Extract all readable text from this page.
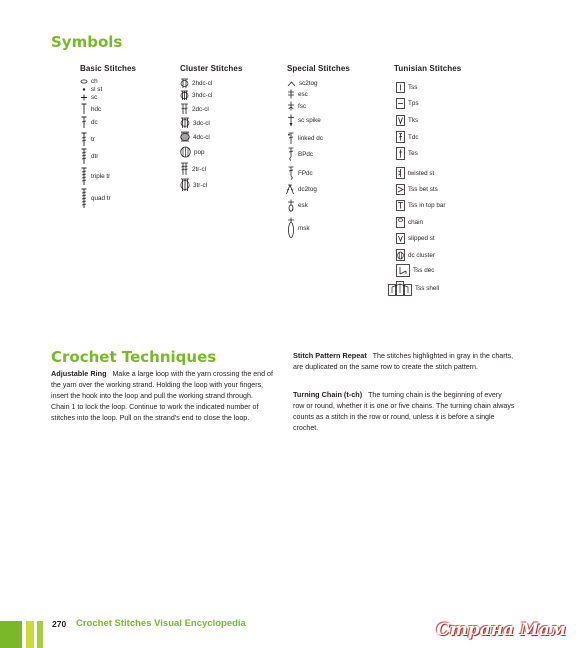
Symbols
Basic Stitches
ch
sl st
sc
hdc
dc
tr
dtr
triple tr
quad tr
Cluster Stitches
2hdc-cl
3hdc-cl
2dc-cl
3dc-cl
4dc-cl
pop
2tr-cl
3tr-cl
Special Stitches
sc2tog
esc
fsc
sc spike
linked dc
BPdc
FPdc
dc2tog
esk
msk
Tunisian Stitches
Tss
Tps
Tks
Tdc
Tes
twisted st
Tss bet sts
Tss in top bar
chain
slipped st
dc cluster
Tss dec
Tss shell
Crochet Techniques
Adjustable Ring Make a large loop with the yarn crossing the end of the yarn over the working strand. Holding the loop with your fingers, insert the hook into the loop and pull the working strand through. Chain 1 to lock the loop. Continue to work the indicated number of stitches into the loop. Pull on the strand’s end to close the loop.
Stitch Pattern Repeat The stitches highlighted in gray in the charts, are duplicated on the same row to create the stitch pattern.
Turning Chain (t-ch) The turning chain is the beginning of every row or round, whether it is one or five chains. The turning chain always counts as a stitch in the row or round, unless it is before a single crochet.
270 Crochet Stitches Visual Encyclopedia	Страна Мам
